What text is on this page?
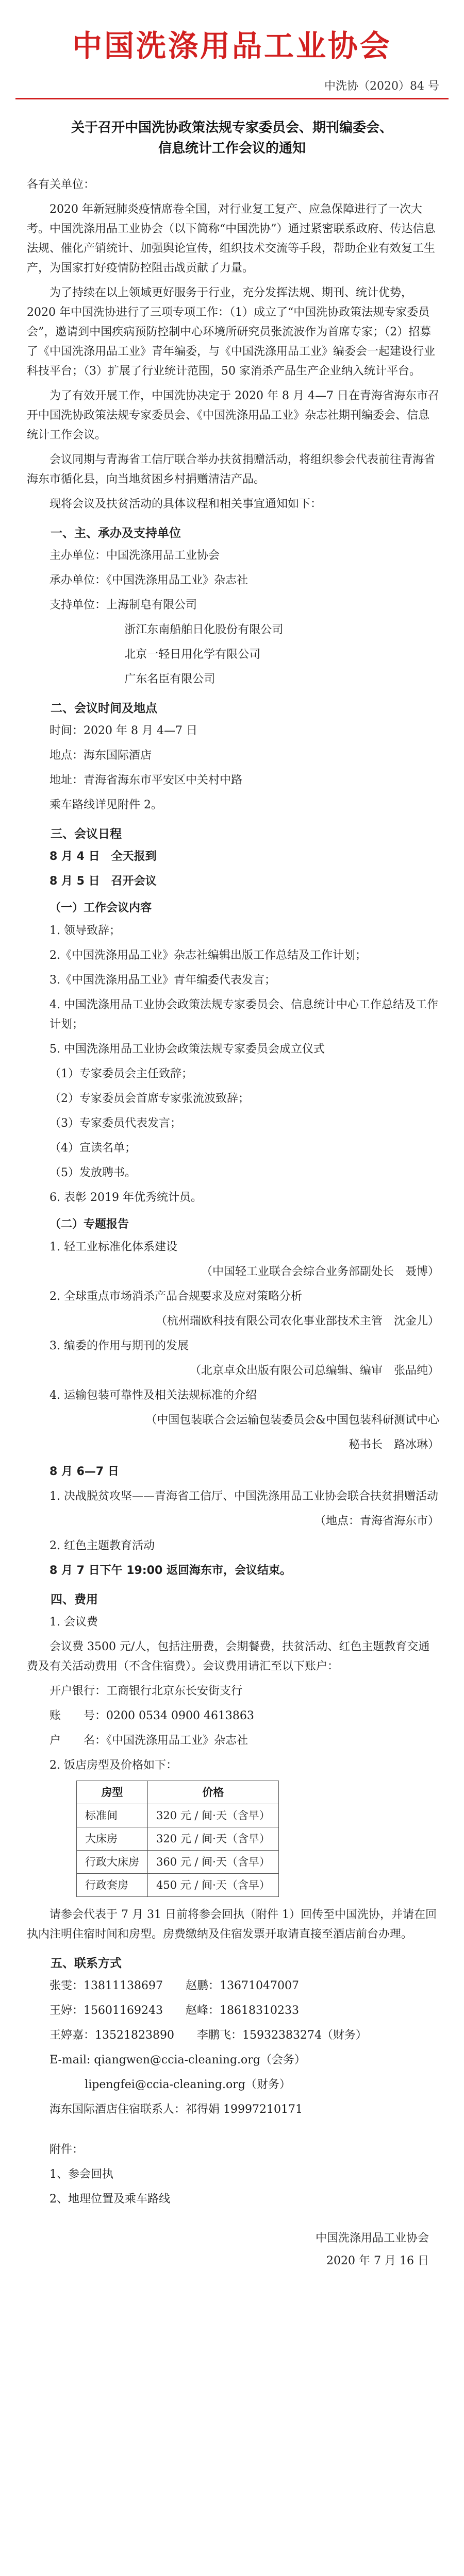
中国洗涤用品工业协会
中洗协（2020）84 号
关于召开中国洗协政策法规专家委员会、期刊编委会、
信息统计工作会议的通知

各有关单位：

2020 年新冠肺炎疫情席卷全国，对行业复工复产、应急保障进行了一次大考。中国洗涤用品工业协会（以下简称“中国洗协”）通过紧密联系政府、传达信息法规、催化产销统计、加强舆论宣传，组织技术交流等手段，帮助企业有效复工生产，为国家打好疫情防控阻击战贡献了力量。

为了持续在以上领域更好服务于行业，充分发挥法规、期刊、统计优势，2020 年中国洗协进行了三项专项工作：（1）成立了“中国洗协政策法规专家委员会”，邀请到中国疾病预防控制中心环境所研究员张流波作为首席专家；（2）招募了《中国洗涤用品工业》青年编委，与《中国洗涤用品工业》编委会一起建设行业科技平台；（3）扩展了行业统计范围，50 家消杀产品生产企业纳入统计平台。

为了有效开展工作，中国洗协决定于 2020 年 8 月 4—7 日在青海省海东市召开中国洗协政策法规专家委员会、《中国洗涤用品工业》杂志社期刊编委会、信息统计工作会议。

会议同期与青海省工信厅联合举办扶贫捐赠活动，将组织参会代表前往青海省海东市循化县，向当地贫困乡村捐赠清洁产品。

现将会议及扶贫活动的具体议程和相关事宜通知如下：

一、主、承办及支持单位

主办单位：中国洗涤用品工业协会

承办单位：《中国洗涤用品工业》杂志社

支持单位：上海制皂有限公司

浙江东南船舶日化股份有限公司

北京一轻日用化学有限公司

广东名臣有限公司

二、会议时间及地点

时间：2020 年 8 月 4—7 日

地点：海东国际酒店

地址：青海省海东市平安区中关村中路

乘车路线详见附件 2。

三、会议日程

8 月 4 日　全天报到

8 月 5 日　召开会议

（一）工作会议内容

1. 领导致辞；

2.《中国洗涤用品工业》杂志社编辑出版工作总结及工作计划；

3.《中国洗涤用品工业》青年编委代表发言；

4. 中国洗涤用品工业协会政策法规专家委员会、信息统计中心工作总结及工作计划；

5. 中国洗涤用品工业协会政策法规专家委员会成立仪式

（1）专家委员会主任致辞；

（2）专家委员会首席专家张流波致辞；

（3）专家委员代表发言；

（4）宣读名单；

（5）发放聘书。

6. 表彰 2019 年优秀统计员。

（二）专题报告

1. 轻工业标准化体系建设

（中国轻工业联合会综合业务部副处长　聂博）

2. 全球重点市场消杀产品合规要求及应对策略分析

（杭州瑞欧科技有限公司农化事业部技术主管　沈金儿）

3. 编委的作用与期刊的发展

（北京卓众出版有限公司总编辑、编审　张品纯）

4. 运输包装可靠性及相关法规标准的介绍

（中国包装联合会运输包装委员会&中国包装科研测试中心

秘书长　路冰琳）

8 月 6—7 日

1. 决战脱贫攻坚——青海省工信厅、中国洗涤用品工业协会联合扶贫捐赠活动

（地点：青海省海东市）

2. 红色主题教育活动

8 月 7 日下午 19:00 返回海东市，会议结束。

四、费用

1. 会议费

会议费 3500 元/人，包括注册费，会期餐费，扶贫活动、红色主题教育交通费及有关活动费用（不含住宿费）。会议费用请汇至以下账户：

开户银行：工商银行北京东长安街支行

账　　号：0200 0534 0900 4613863

户　　名：《中国洗涤用品工业》杂志社

2. 饭店房型及价格如下：

房型	价格
标准间	320 元 / 间·天（含早）
大床房	320 元 / 间·天（含早）
行政大床房	360 元 / 间·天（含早）
行政套房	450 元 / 间·天（含早）

请参会代表于 7 月 31 日前将参会回执（附件 1）回传至中国洗协，并请在回执内注明住宿时间和房型。房费缴纳及住宿发票开取请直接至酒店前台办理。

五、联系方式

张雯：13811138697　　赵鹏：13671047007

王婷：15601169243　　赵峰：18618310233

王婷嘉：13521823890　　李鹏飞：15932383274（财务）

E-mail: qiangwen@ccia-cleaning.org（会务）

lipengfei@ccia-cleaning.org（财务）

海东国际酒店住宿联系人：祁得娟 19997210171

附件：

1、参会回执

2、地理位置及乘车路线

中国洗涤用品工业协会

2020 年 7 月 16 日
